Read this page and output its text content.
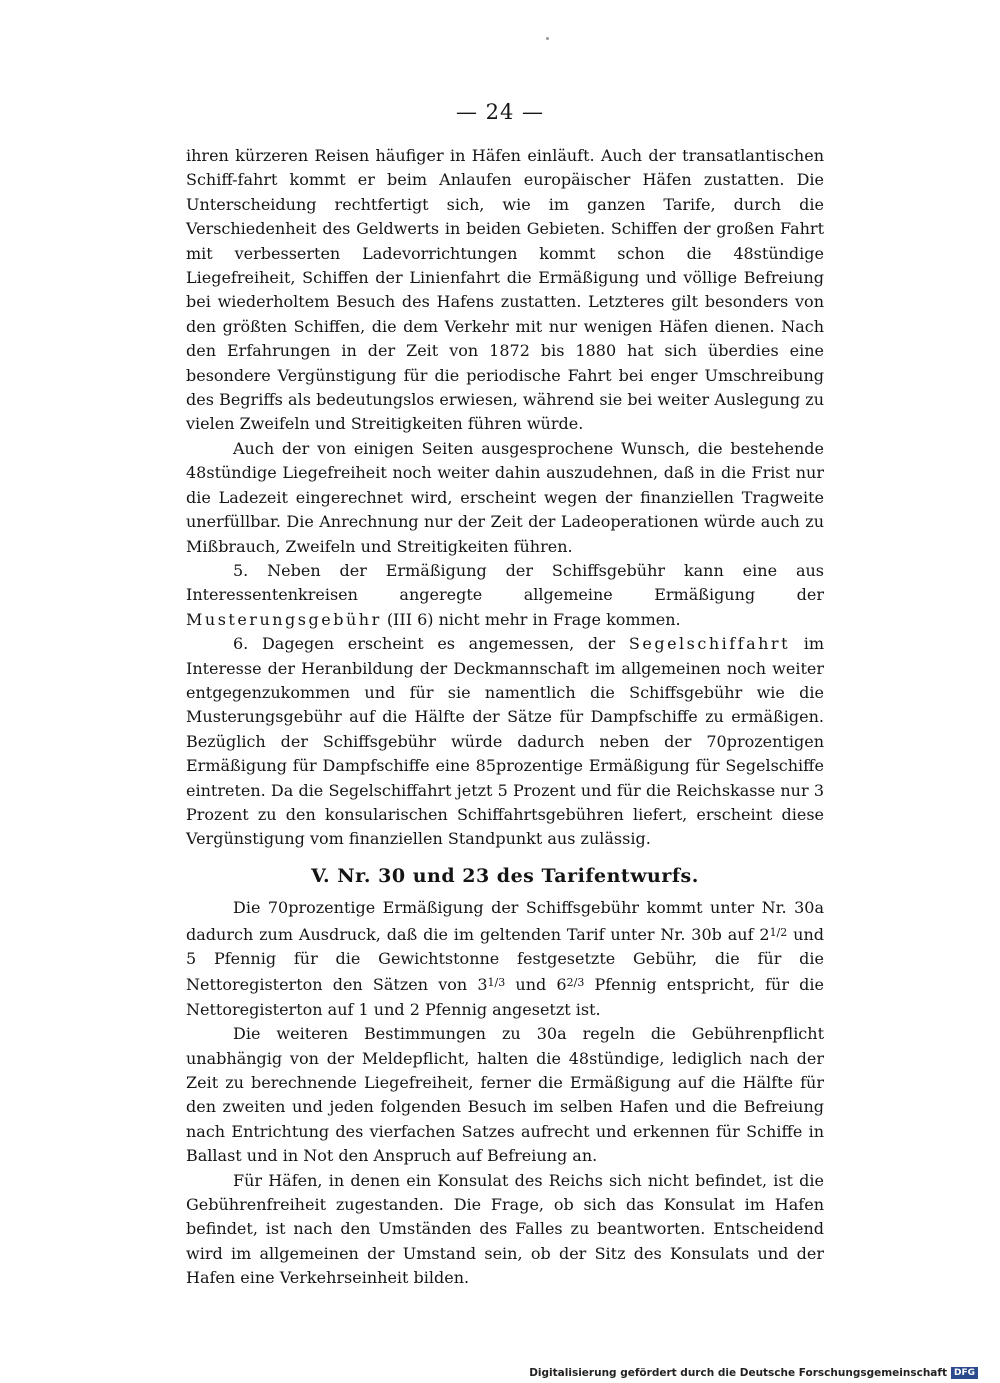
— 24 —

ihren kürzeren Reisen häufiger in Häfen einläuft. Auch der transatlantischen Schiff-fahrt kommt er beim Anlaufen europäischer Häfen zustatten. Die Unterscheidung rechtfertigt sich, wie im ganzen Tarife, durch die Verschiedenheit des Geldwerts in beiden Gebieten. Schiffen der großen Fahrt mit verbesserten Ladevorrichtungen kommt schon die 48stündige Liegefreiheit, Schiffen der Linienfahrt die Ermäßigung und völlige Befreiung bei wiederholtem Besuch des Hafens zustatten. Letzteres gilt besonders von den größten Schiffen, die dem Verkehr mit nur wenigen Häfen dienen. Nach den Erfahrungen in der Zeit von 1872 bis 1880 hat sich überdies eine besondere Vergünstigung für die periodische Fahrt bei enger Umschreibung des Begriffs als bedeutungslos erwiesen, während sie bei weiter Auslegung zu vielen Zweifeln und Streitigkeiten führen würde.

Auch der von einigen Seiten ausgesprochene Wunsch, die bestehende 48stündige Liegefreiheit noch weiter dahin auszudehnen, daß in die Frist nur die Ladezeit eingerechnet wird, erscheint wegen der finanziellen Tragweite unerfüllbar. Die Anrechnung nur der Zeit der Ladeoperationen würde auch zu Mißbrauch, Zweifeln und Streitigkeiten führen.

5. Neben der Ermäßigung der Schiffsgebühr kann eine aus Interessentenkreisen angeregte allgemeine Ermäßigung der Musterungsgebühr (III 6) nicht mehr in Frage kommen.

6. Dagegen erscheint es angemessen, der Segelschiffahrt im Interesse der Heranbildung der Deckmannschaft im allgemeinen noch weiter entgegenzukommen und für sie namentlich die Schiffsgebühr wie die Musterungsgebühr auf die Hälfte der Sätze für Dampfschiffe zu ermäßigen. Bezüglich der Schiffsgebühr würde dadurch neben der 70prozentigen Ermäßigung für Dampfschiffe eine 85prozentige Ermäßigung für Segelschiffe eintreten. Da die Segelschiffahrt jetzt 5 Prozent und für die Reichskasse nur 3 Prozent zu den konsularischen Schiffahrtsgebühren liefert, erscheint diese Vergünstigung vom finanziellen Standpunkt aus zulässig.

V. Nr. 30 und 23 des Tarifentwurfs.

Die 70prozentige Ermäßigung der Schiffsgebühr kommt unter Nr. 30a dadurch zum Ausdruck, daß die im geltenden Tarif unter Nr. 30b auf $2^{1/2}$ und 5 Pfennig für die Gewichtstonne festgesetzte Gebühr, die für die Nettoregisterton den Sätzen von $3^{1/3}$ und $6^{2/3}$ Pfennig entspricht, für die Nettoregisterton auf 1 und 2 Pfennig angesetzt ist.

Die weiteren Bestimmungen zu 30a regeln die Gebührenpflicht unabhängig von der Meldepflicht, halten die 48stündige, lediglich nach der Zeit zu berechnende Liegefreiheit, ferner die Ermäßigung auf die Hälfte für den zweiten und jeden folgenden Besuch im selben Hafen und die Befreiung nach Entrichtung des vierfachen Satzes aufrecht und erkennen für Schiffe in Ballast und in Not den Anspruch auf Befreiung an.

Für Häfen, in denen ein Konsulat des Reichs sich nicht befindet, ist die Gebührenfreiheit zugestanden. Die Frage, ob sich das Konsulat im Hafen befindet, ist nach den Umständen des Falles zu beantworten. Entscheidend wird im allgemeinen der Umstand sein, ob der Sitz des Konsulats und der Hafen eine Verkehrseinheit bilden.

Digitalisierung gefördert durch die Deutsche Forschungsgemeinschaft DFG
